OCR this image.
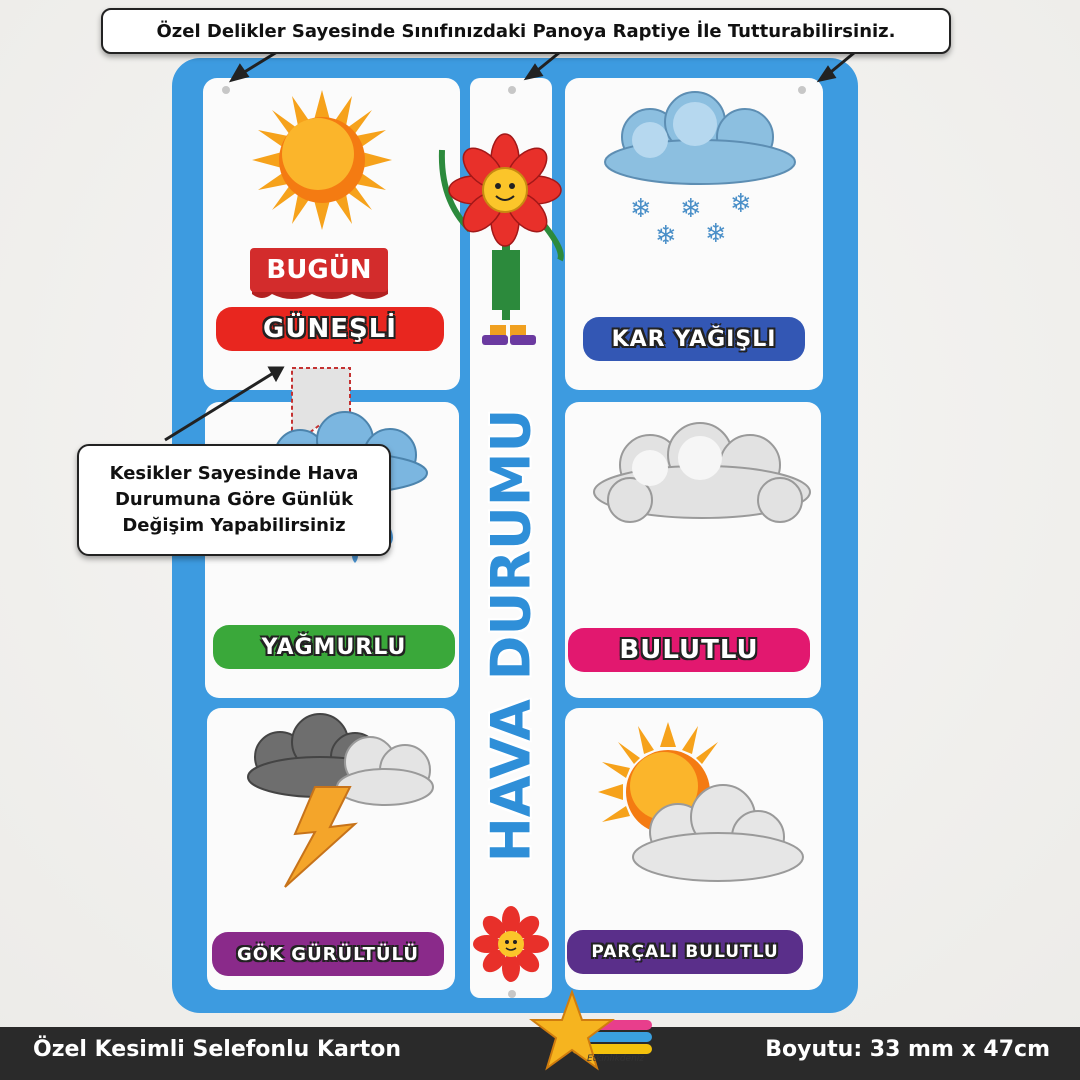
BUGÜN
❄ ❄ ❄
❄ ❄
HAVA DURUMU
GÜNEŞLİ	KAR YAĞIŞLI
YAĞMURLU	BULUTLU
GÖK GÜRÜLTÜLÜ	PARÇALI BULUTLU
Özel Delikler Sayesinde Sınıfınızdaki Panoya Raptiye İle Tutturabilirsiniz.
Kesikler Sayesinde Hava Durumuna Göre Günlük Değişim Yapabilirsiniz
Özel Kesimli Selefonlu Karton	Boyutu: 33 mm x 47cm
Etkinlikdeniz
